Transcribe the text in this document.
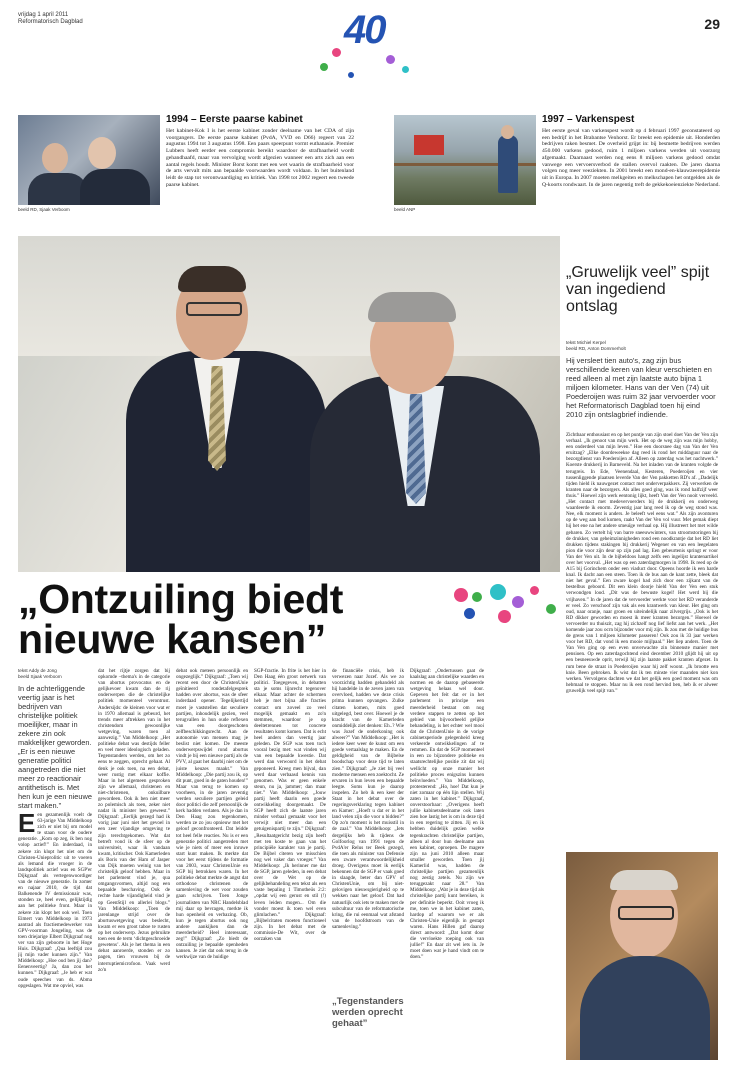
vrijdag 1 april 2011
Reformatorisch Dagblad	40	29
beeld RD, Sjaak Verboom
1994 – Eerste paarse kabinet
Het kabinet-Kok I is het eerste kabinet zonder deelname van het CDA of zijn voorgangers. De eerste paarse kabinet (PvdA, VVD en D66) regeert van 22 augustus 1994 tot 3 augustus 1998. Een paars speerpunt vormt euthanasie. Premier Lubbers heeft eerder een compromis bereikt waardoor de strafbaarheid wordt gehandhaafd, maar van vervolging wordt afgezien wanneer een arts zich aan een aantal regels houdt. Minister Borst komt met een wet waarin de strafbaarheid voor de arts vervalt mits aan bepaalde voorwaarden wordt voldaan. In het buitenland leidt de stap tot verontwaardiging en kritiek. Van 1998 tot 2002 regeert een tweede paarse kabinet.
beeld ANP
1997 – Varkenspest
Het eerste geval van varkenspest wordt op 4 februari 1997 geconstateerd op een bedrijf in het Brabantse Venhorst. Er breekt een epidemie uit. Honderden bedrijven raken besmet. De overheid grijpt in: bij besmette bedrijven werden 450.000 varkens gedood, ruim 1 miljoen varkens werden uit voorzorg afgemaakt. Daarnaast werden nog eens 8 miljoen varkens gedood omdat vanwege een vervoersverbod de stallen overvol raakten. De jaren daarna volgen nog meer veeziekten. In 2001 breekt een mond-en-klauwzeerepidemie uit in Europa. In 2007 moeten melkgeiten en melkschapen het ontgelden als de Q-koorts rondwaart. In de jaren negentig treft de gekkekoeienziekte Nederland.
„Ontzuiling biedt nieuwe kansen”
tekst Addy de Jong
beeld Sjaak Verboom
In de achterliggende veertig jaar is het bedrijven van christelijke politiek moeilijker, maar in zekere zin ook makkelijker geworden. „Er is een nieuwe generatie politici aangetreden die niet meer zo reactionair antithetisch is. Met hen kun je een nieuwe start maken.”
Een gezamenlijk voelt de 63-jarige Van Middelkoop zich er niet bij om model te staan voor de oudere generatie. „Kom op zeg, ik ben nog volop actief!” En inderdaad, in zekere zin klopt het niet om de Christen-Unieprolitic uit te voeren als lemand die vroeger in de landspolitiek actief was en SGP'er Dijkgraaf als vertegenwoordiger van de nieuwe generatie. In zomer en najaar 2010, de tijd dat Balkenende IV demissionair was, stonden ze, heel even, gelijktijdig aan het politieke front. Maar in zekere zin klopt het ook wel. Toen Eimert van Middelkoop in 1973 aantrad als fractiemedewerker van GPV-voorman Jongeling, was de toen driejarige Elbert Dijkgraaf nog ver van zijn geboorte in het Hoge Huis. Dijkgraaf: „Qua leeftijd zou jij mijn vader kunnen zijn.” Van Middelkoop: „Hoe oud ben jij dan? Eenenveertig? Ja, dan zou het kunnen.” Dijkgraaf: „Je heb er wat oude speeches van ds. Abma opgeslagen. Wat me opviel, was
dat het rijtje zorgen dat bij opkomde –thema's in de categorie van abortus provocatus en de gelijkevoer kwam dan de rij onderwerpen die de christelijke politiek momenteel verontrust. Andersijds: de kleinen voor wat er in 1970 allemaal is gebeurd, het trends meer aftrekken van in het christendom gewoonlijke wetgeving, waren toen al aanwezig.” Van Middelkoop: „Het politieke debat was destijds feller en veel meer ideologisch geladen. Tegenstanders werden, om het zo eens te zeggen, oprecht gehaat. Al denk je ook toen, na een debat, weer rustig met elkaar koffie. Maar in het algemeen gesproken zijn we allemaal, christenen en niet-christenen, onkuilbare gewordeen. Ook ik ben niet meer zo polemisch als toen, zeker niet nadat ik minister ben geweest.” Dijkgraaf: „Eerlijk gezegd had ik vorig jaar juni niet het gevoel in een zeer vijandige omgeving te zijn terechtgekomen. Wat dat betreft vond ik de sfeer op de universiteit, waar ik vandaan kwam, kritischer. Ook Kamerleden als Boris van der Ham of Jasper van Dijk moeten weinig van het christelijk geloof hebben. Maar in het parlement vind je, qua omgangsvormen, altijd nog een bepaalde beschaving. Ook de rechte harde vijandigheid vind je op GeenStijl en allerlei blogs.” Van Middelkoop: „Toen de jarenlange strijd over de abortuswetgeving was beslecht, kwam er een groot taboe te rusten op het onderwerp. Jezus gebruikte toen een de term ‘dichtgeschroeide gewetens’. Als je het thema in een debat aanroerde, stonden er zo pagen, tien vrouwen bij de interruptiemicrofoon. Vaak werd zo'n
debat ook meteen persoonlijk en ongezeglijk.” Dijkgraaf: „Toen wij recent een door de ChristenUnie geïnitieerd rondetafelgesprek hadden over abortus, was de sfeer inderdaad opener. Tegelijkertijd moet je vaststellen dat seculiere partijen, inhoudelijk gezien, veel terugvallen in hun oude reflexen van een doorgeschoten zelfbeschikkingsrecht. Aan de autonomie van mensen mag je beslist niet komen. De meeste onderwerpswijdel rond abortus vindt je bij een nieuwe partij als de PVV, al gaat het daarbij niet om de juiste keuzes maakt.” Van Middelkoop: „Die partij zou ik, op dit punt, goed in de gaten houden!” Maar van terug te komen op voorheen, in de jaren zeventig werden seculiere partijen geleid door politici die zelf persoonlijk de kerk hadden verlaten. Als je dan in Den Haag zou tegenkomen, werden ze zo jou opnieuw met het geloof geconfronteerd. Dat leidde tot heel felle reacties. Nu is er een generatie politici aangetreden met wie je niets of meer een inruwe start kunt maken. Ik merkte dat voor het eerst tijdens de formatie van 2003, waar ChristenUnie en SGP bij betrokken waren. In het politieke debat merkte de angst dat orthodoxe christenen de samenleving de wet voor zouden gaan schrijven. Toen Jonge journalisten van NRC Handelsblad mij daar op bevragen, merkte ik hun openheid en verbazing. Ob, kun je tegen abortus ook nog andere aankijken dan de meerderheid? Heel interessant, zeg!” Dijkgraaf: „Zo biedt de ontzuiling je bepaalde openheden kansen. Je ziet dat ook terug in de werkwijze van de huidige
SGP-fractie. In frite is het hier in Den Haag één groot netwerk van politici. Toegegeven, in debatten sta je soms lijnrecht tegenover elkaar. Maar achter de schermen heb je met bijna alle fracties contact om zoveel zo veel mogelijk gemaakt en zo'n stemmen, waardoor je op deeltetrennen tot concrete resultaten komt komen. Dat is echt heel anders dan veertig jaar geleden. De SGP was toen toch vooral bezig met: wat vinden wij van een bepaalde kwestie. Dat werd dan verwoord in het debat geponeerd. Kreeg men bijval, dan werd daar verbaasd kennis van genomen. Was er geen enkele steun, nu ja, jammer; dan maar niet.” Van Middelkoop: „Jouw partij heeft daarin een goede ontwikkeling doorgemaakt. De SGP heeft zich de laatste jaren minder verbaal gemaakt voor het verwijt niet meer dan een getuigenispartij te zijn.” Dijkgraaf: „Resultaatgericht bezig zijn heeft met ten koste te gaan van het principiële karakter van je partij. De Bijbel citeren we misschien nog wel vaker dan vroeger.” Van Middelkoop: „Ik herinner me dat de SGP, jaren geleden, in een debat over de Wet op de gelijkbehandeling een tekst als een vaste bepaling 1 Timotheüs 2:2: „opdat wij een gerust en stil (!) leven leiden mogen... Om die vonder moest ik toen wel even glimlachen.” Dijkgraaf: „Bijbelcitaten moeten functioneel zijn. In het debat met de commissie-De Wit, over de oorzaken van
de financiële crisis, heb ik verwezen naar Jozef. Als we zo voorzichtig hadden gehandeld als hij handelde in de zeven jaren van overvloed, hadden we deze crisis prima kunnen opvangen. Zulke citaten komen, mits goed uitgelegd, best over. Hoewel je de kracht van de Kamerleden onmiddelijk ziet denken: Eh..? Wie was Jozef de onderkoning ook alweer?” Van Middelkoop: „Het is iedere keer weer de kunst om een goede vertaalslag te maken. En de geldigheid van de Bijbelse boodschap voor deze tijd te laten zien.” Dijkgraaf: „Je ziet bij veel moderne mensen een zoektocht. Ze ervaren in hun leven een bepaalde leegte. Soms kun je daarop inspelen. Zo heb ik een keer der Staat in het debat over de regeringsverklaring tegen kabinet en Kamer: „Hoeft u dat er in het land velen zijn die voor u bidden?” Op zo'n moment is het muisstil in de zaal.” Van Middelkoop: „Iets dergelijks heb ik tijdens de Golfoorlog van 1991 tegen de PvdA'er Relus ter Beek gezegd, die toen als minister van Defensie een zware verantwoordelijkheid droeg. Overigens moet ik eerlijk bekennen dat de SGP er vaak goed in slaagde, beter dan GPV of ChristenUnie, om bij niet-gelovigen nieuwsgierigheid op te wekken naar het geloof. Dat had natuurlijk ook iets te maken met de subcultuur van de reformatorische kring, die rui eenmaal wat afstand van de hoofdstroom van de samenleving.”
Dijkgraaf: „Ondertussen gaat de kaalslag aan christelijke waarden en normen en de daarop gebaseerde wetgeving helaas wel door. Gepeven het feit dat er in het parlement in principe een meerderheid bestaat om nog verdere stappen te zetten op het gebied van bijvoorbeeld gelijke behandeling, is het echter wel mooi dat de ChristenUnie in de vorige cabinetsperiode gelegenheid kreeg verkeerde ontwikkelingen af te remmen. En dat de SGP momenteel in een zo bijzondere politieke en staatsrechtelijke positie zit dat wij wellicht op onze manier het politieke proces enigszins kunnen beïnvloeden.” Van Middelkoop, protesterend: „Ho, hoe! Dat kun je niet zomaar op één lijn stellen. Wij zaten in het kabinet.” Dijkgraaf, onverstoorbaar: „Overigens heeft jullie kabinetsdeelname ook laten zien hoe lastig het is om in deze tijd in een regering te zitten. Jij en ik hebben duidelijk gezien welke tegenkrachten christelijke partijen, alleen al door hun deelname aan een kabinet, oproepen. De magere zijn na juni 2010 alleen maar smaller geworden. Toen jij Kamerlid was, hadden de christelijke partijen gezamenlijk nog zestig zetels. Nu zijn we teruggezakt naar 28.” Van Middelkoop: „Wat je in deze tijd als christelijke partij kunt bereiken, is per definitie beperkt. Ooit vroeg ik me, toen we in het kabinet zaten, hardop af waarom we er als Christen-Unie eigenlijk in gestapt waren. Hans Hillen gaf daarop direct antwoord: „Dat komt door die vervloekte roeping ook van jullie!” En daar zit wel iets in. Je moet doen wat je hand vindt om te doen.”
„Tegenstanders werden oprecht gehaat”
„Gruwelijk veel” spijt van ingediend ontslag
tekst Michiel Kerpel
beeld RD, Anton Dommerholt
Hij versleet tien auto's, zag zijn bus verschillende keren van kleur verschieten en reed alleen al met zijn laatste auto bijna 1 miljoen kilometer. Hans van der Ven (74) uit Poederoijen was ruim 32 jaar vervoerder voor het Reformatorisch Dagblad toen hij eind 2010 zijn ontslagbrief indiende.
Zichtbaar enthousiast en op het puntje van zijn stoel doet Van der Ven zijn verhaal. „Ik genoot van mijn werk. Het op de weg zijn was mijn hobby, een onderdeel van mijn leven.” Hoe een doorsnee dag van Van der Ven eruitzag? „Elke doordeweekse dag reed ik rond het middaguur naar de bezorgdienst van Poederoijen af. Alleen op zaterdag was het nachtwerk.” Koerste drukkerij in Barneveld. Na het inladen van de kranten volgde de terugreis. In Ede, Veenendaal, Kesteren, Poederoijen en vier tussenliggende plaatsen leverde Van der Ven pakketten RD's af. „Dadelijk tijden hield ik nauwgezet contact met onderverpakkers. Zij verwerken de kranten naar de bezorgers. Als alles goed ging, was ik rond halfzijf weer thuis.” Hoewel zijn werk eentonig lijkt, heeft Van der Ven nooit verveeld. „Het contact met medevervoerders bij de drukkerij en onderweg waardeerde ik enorm. Zeventig jaar lang reed ik op de weg stond was. Nee, elk moment is anders. Je beleeft wel eens wat.” Als zijn avonturen op de weg aan bod komen, raakt Van der Ven vol vuur. Met gemak diept hij het ene na het andere smeuïge verhaal op. Hij illustreert het met wilde gebaren. Zo vertelt hij van barre sneeuwwinters, van stroomstoringen bij de drukker, van geheimzinnigheden rond een noodkrantje dat het RD liet drukken tijdens stakingen bij drukkerij Wegener en van een leegelaten pion die voor zijn deur op zijn pad lag. Een gebeurtenis springt er voor Van der Ven uit. In de bijbeldoos hangt zelfs een ingelijst krantenartikel over het voorval. „Het was op een zaterdagmorgen in 1998. Ik reed op de A15 bij Gorinchem onder een viaduct door. Opeens hoorde ik een harde knal. Ik dacht aan een steen. Toen ik de bus aan de kant zette, bleek dat niet het geval.” Een zware kogel had zich door een zijkant van de bestelbus geboord. Dit een klein doorje hield Van der Ven een stuk verwondgen lood. „Dit was de bewuste kogel! Het werd bij die vrijhaven.” In de jaren dat de vervoerder werkte voor het RD veranderde er veel. Zo verschoof zijn vak als een krantwerk van kleur. Het ging om oud, naar oranje, naar groen en uiteindelijk naar zilvergrijs. „Ook is het RD dikker geworden en moest ik meer kranten bezorgen.” Hoewel de vervoerder nu thuiszit, zag hij zichzelf nog lief liefst aan het werk. „Het komende jaar zou ocrn bijzonder voor mij zijn. Ik zou met de huidige bus de grens van 1 miljoen kilometer passeren! Ook zou ik 33 jaar werken voor het RD, dat vond ik een mooie mijlpaal.” Het liep anders. Toen de Van Ven ging op een even onverwachte zin binnenste manier met pensioen. Op een zaterdagochtend eind december 2010 glijdt hij uit op een besneeuwde oprit, terwijl hij zijn laatste pakket kranten afgezet. In rum bene de straat in Poederoijen waar hij zelf woont. „Ik brootte een knie. Been gebroken. Ik wist dat ik ten minste vier maanden niet kon werken. Vervolgens dachten we dat het gelijk een goed moment was om hebmaal te stoppen. Maar nu ik een rond hervind ben, heb ik er alweer gruwelijk veel spijt van.”
